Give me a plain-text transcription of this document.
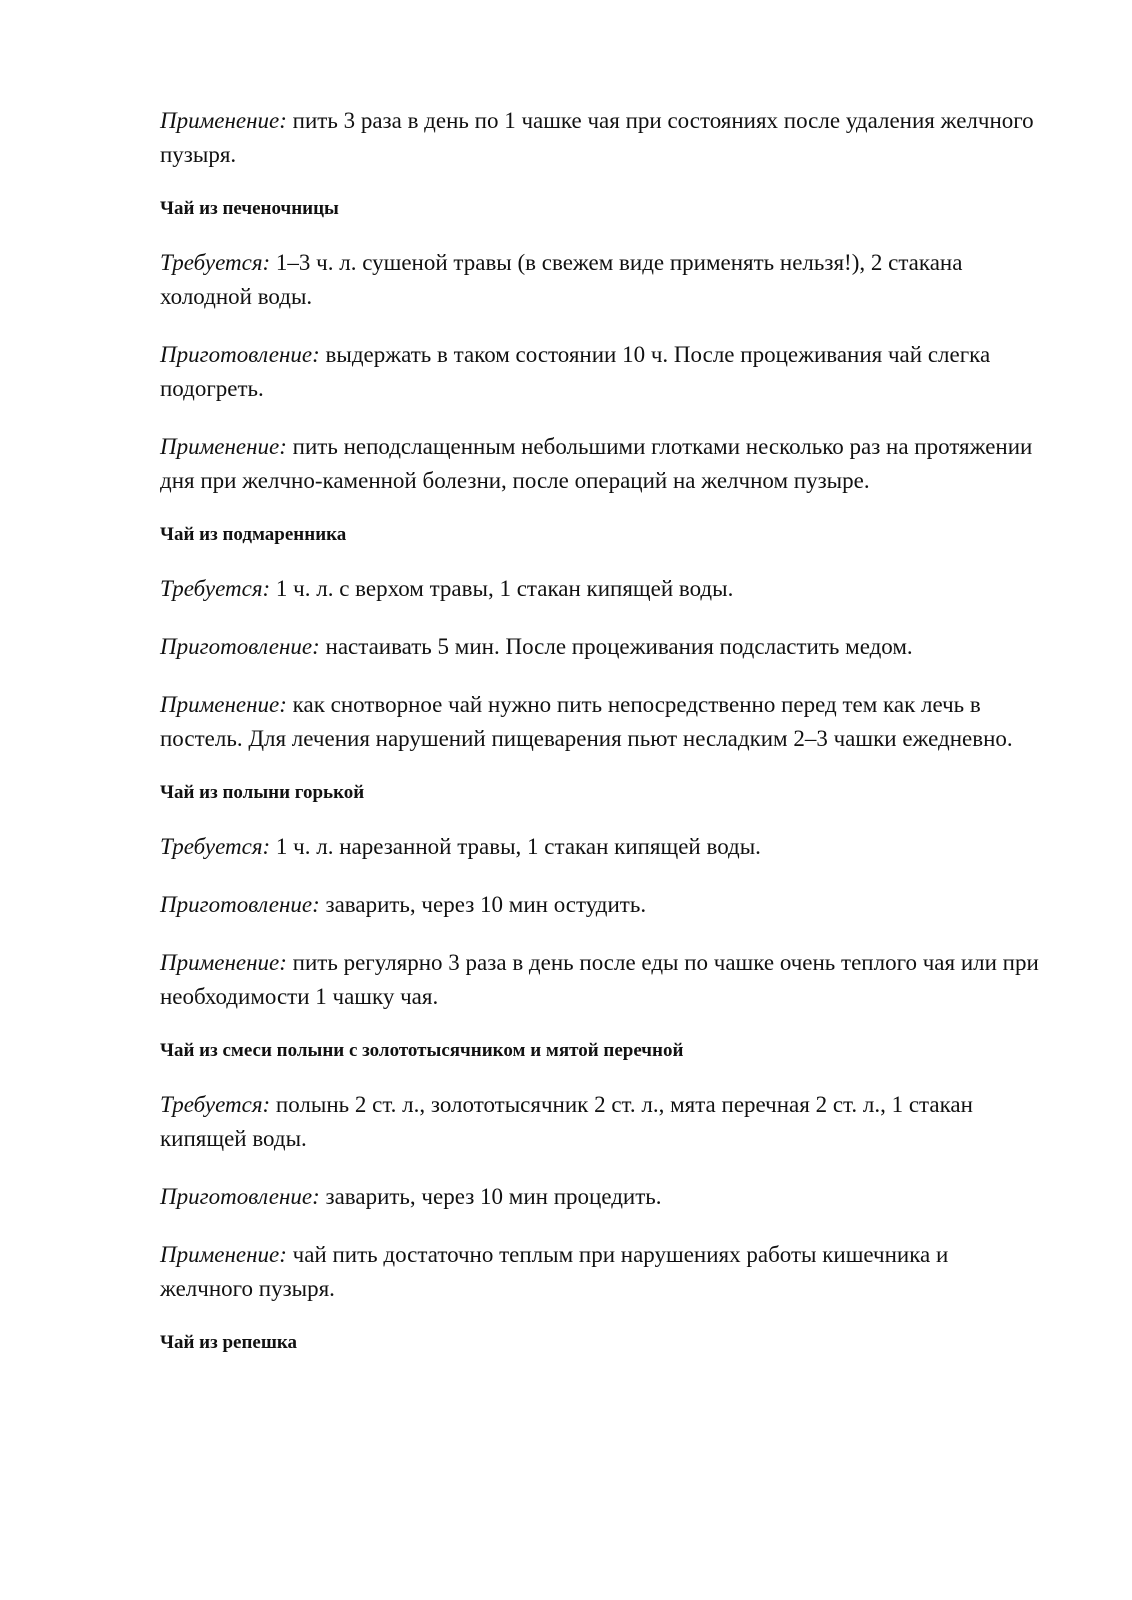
Применение: пить 3 раза в день по 1 чашке чая при состояниях после удаления желчного пузыря.

Чай из печеночницы

Требуется: 1–3 ч. л. сушеной травы (в свежем виде применять нельзя!), 2 стакана холодной воды.

Приготовление: выдержать в таком состоянии 10 ч. После процеживания чай слегка подогреть.

Применение: пить неподслащенным небольшими глотками несколько раз на протяжении дня при желчно-каменной болезни, после операций на желчном пузыре.

Чай из подмаренника

Требуется: 1 ч. л. с верхом травы, 1 стакан кипящей воды.

Приготовление: настаивать 5 мин. После процеживания подсластить медом.

Применение: как снотворное чай нужно пить непосредственно перед тем как лечь в постель. Для лечения нарушений пищеварения пьют несладким 2–3 чашки ежедневно.

Чай из полыни горькой

Требуется: 1 ч. л. нарезанной травы, 1 стакан кипящей воды.

Приготовление: заварить, через 10 мин остудить.

Применение: пить регулярно 3 раза в день после еды по чашке очень теплого чая или при необходимости 1 чашку чая.

Чай из смеси полыни с золототысячником и мятой перечной

Требуется: полынь 2 ст. л., золототысячник 2 ст. л., мята перечная 2 ст. л., 1 стакан кипящей воды.

Приготовление: заварить, через 10 мин процедить.

Применение: чай пить достаточно теплым при нарушениях работы кишечника и желчного пузыря.

Чай из репешка
